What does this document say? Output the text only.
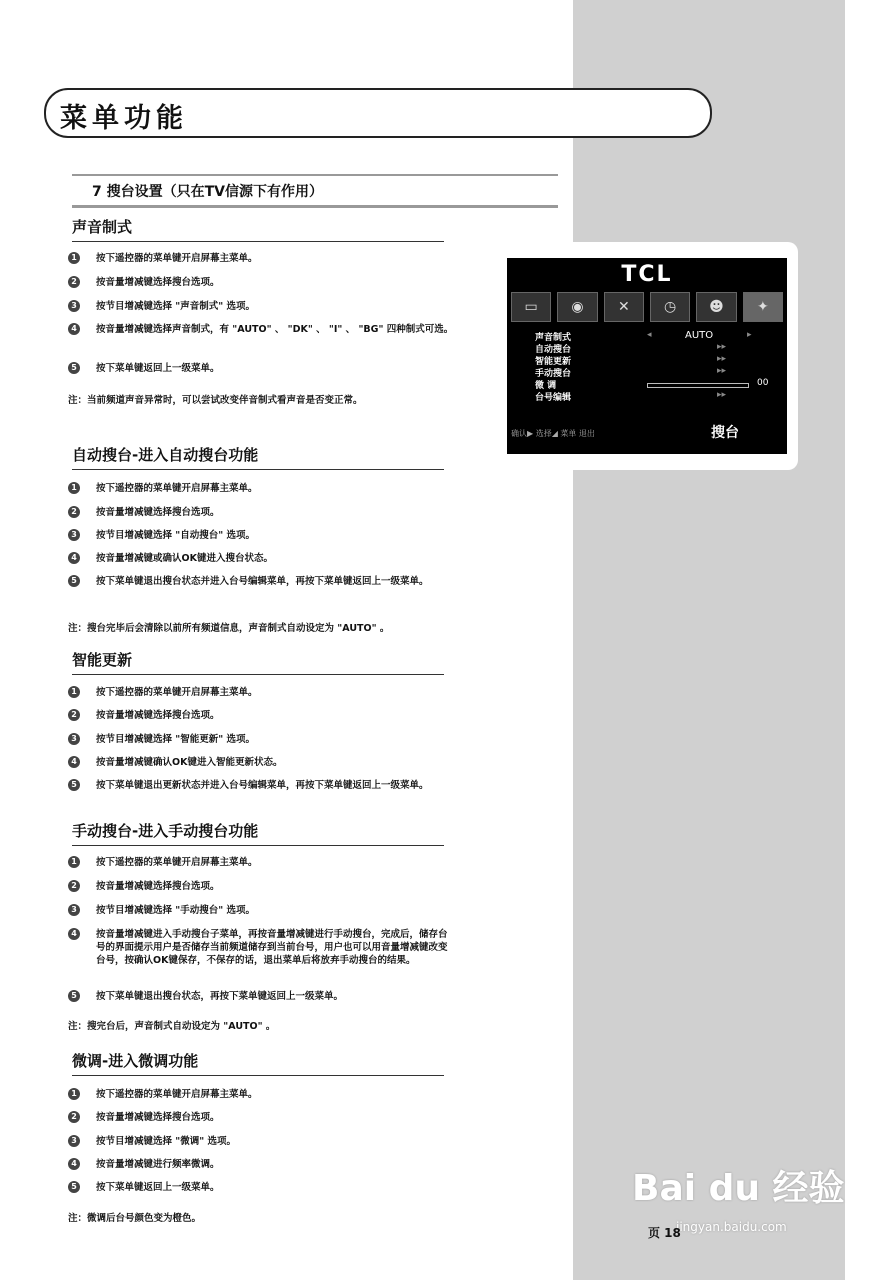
菜单功能
7 搜台设置（只在TV信源下有作用）
声音制式
1	按下遥控器的菜单键开启屏幕主菜单。
2	按音量增减键选择搜台选项。
3	按节目增减键选择 "声音制式" 选项。
4	按音量增减键选择声音制式，有 "AUTO" 、 "DK" 、 "I" 、 "BG" 四种制式可选。
5	按下菜单键返回上一级菜单。
注：当前频道声音异常时，可以尝试改变伴音制式看声音是否变正常。
自动搜台-进入自动搜台功能
1	按下遥控器的菜单键开启屏幕主菜单。
2	按音量增减键选择搜台选项。
3	按节目增减键选择 "自动搜台" 选项。
4	按音量增减键或确认OK键进入搜台状态。
5	按下菜单键退出搜台状态并进入台号编辑菜单，再按下菜单键返回上一级菜单。
注：搜台完毕后会清除以前所有频道信息，声音制式自动设定为 "AUTO" 。
智能更新
1	按下遥控器的菜单键开启屏幕主菜单。
2	按音量增减键选择搜台选项。
3	按节目增减键选择 "智能更新" 选项。
4	按音量增减键确认OK键进入智能更新状态。
5	按下菜单键退出更新状态并进入台号编辑菜单，再按下菜单键返回上一级菜单。
手动搜台-进入手动搜台功能
1	按下遥控器的菜单键开启屏幕主菜单。
2	按音量增减键选择搜台选项。
3	按节目增减键选择 "手动搜台" 选项。
4	按音量增减键进入手动搜台子菜单，再按音量增减键进行手动搜台，完成后，储存台号的界面提示用户是否储存当前频道储存到当前台号，用户也可以用音量增减键改变台号，按确认OK键保存，不保存的话，退出菜单后将放弃手动搜台的结果。
5	按下菜单键退出搜台状态，再按下菜单键返回上一级菜单。
注：搜完台后，声音制式自动设定为 "AUTO" 。
微调-进入微调功能
1	按下遥控器的菜单键开启屏幕主菜单。
2	按音量增减键选择搜台选项。
3	按节目增减键选择 "微调" 选项。
4	按音量增减键进行频率微调。
5	按下菜单键返回上一级菜单。
注：微调后台号颜色变为橙色。
TCL
▭	◉	✕	◷	☻	✦
声音制式	◂	AUTO	▸
自动搜台	▸▸
智能更新	▸▸
手动搜台	▸▸
微 调	00
台号编辑	▸▸
确认▶ 选择◢ 菜单 退出	搜台
Bai du 经验
jingyan.baidu.com
页 18
